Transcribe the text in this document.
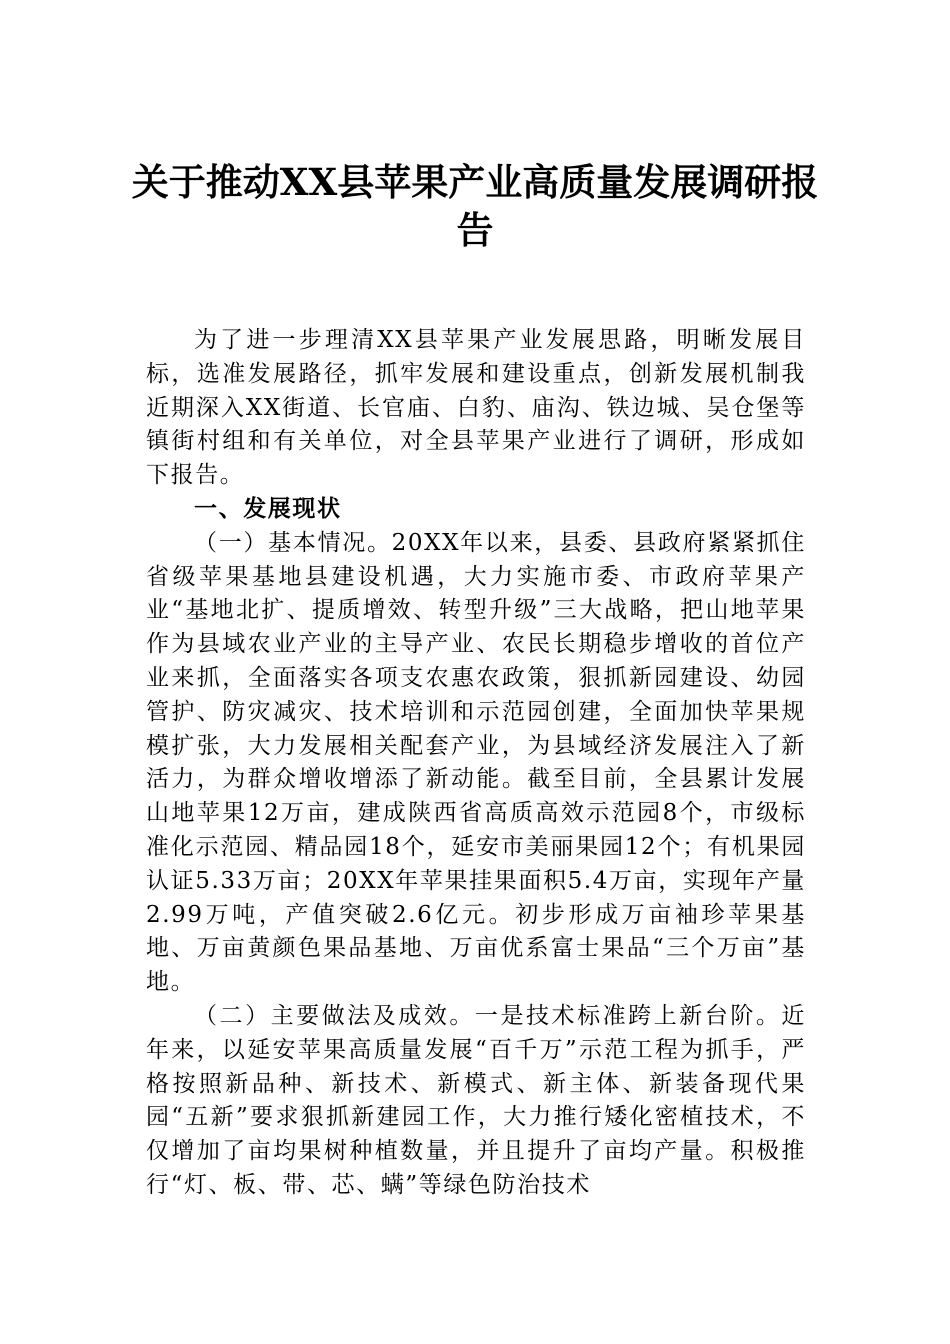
关于推动XX县苹果产业高质量发展调研报
告

为了进一步理清XX县苹果产业发展思路，明晰发展目标，选准发展路径，抓牢发展和建设重点，创新发展机制我近期深入XX街道、长官庙、白豹、庙沟、铁边城、吴仓堡等镇街村组和有关单位，对全县苹果产业进行了调研，形成如下报告。

一、发展现状

（一）基本情况。20XX年以来，县委、县政府紧紧抓住省级苹果基地县建设机遇，大力实施市委、市政府苹果产业“基地北扩、提质增效、转型升级”三大战略，把山地苹果作为县域农业产业的主导产业、农民长期稳步增收的首位产业来抓，全面落实各项支农惠农政策，狠抓新园建设、幼园管护、防灾减灾、技术培训和示范园创建，全面加快苹果规模扩张，大力发展相关配套产业，为县域经济发展注入了新活力，为群众增收增添了新动能。截至目前，全县累计发展山地苹果12万亩，建成陕西省高质高效示范园8个，市级标准化示范园、精品园18个，延安市美丽果园12个；有机果园认证5.33万亩；20XX年苹果挂果面积5.4万亩，实现年产量2.99万吨，产值突破2.6亿元。初步形成万亩袖珍苹果基地、万亩黄颜色果品基地、万亩优系富士果品“三个万亩”基地。

（二）主要做法及成效。一是技术标准跨上新台阶。近年来，以延安苹果高质量发展“百千万”示范工程为抓手，严格按照新品种、新技术、新模式、新主体、新装备现代果园“五新”要求狠抓新建园工作，大力推行矮化密植技术，不仅增加了亩均果树种植数量，并且提升了亩均产量。积极推行“灯、板、带、芯、螨”等绿色防治技术
